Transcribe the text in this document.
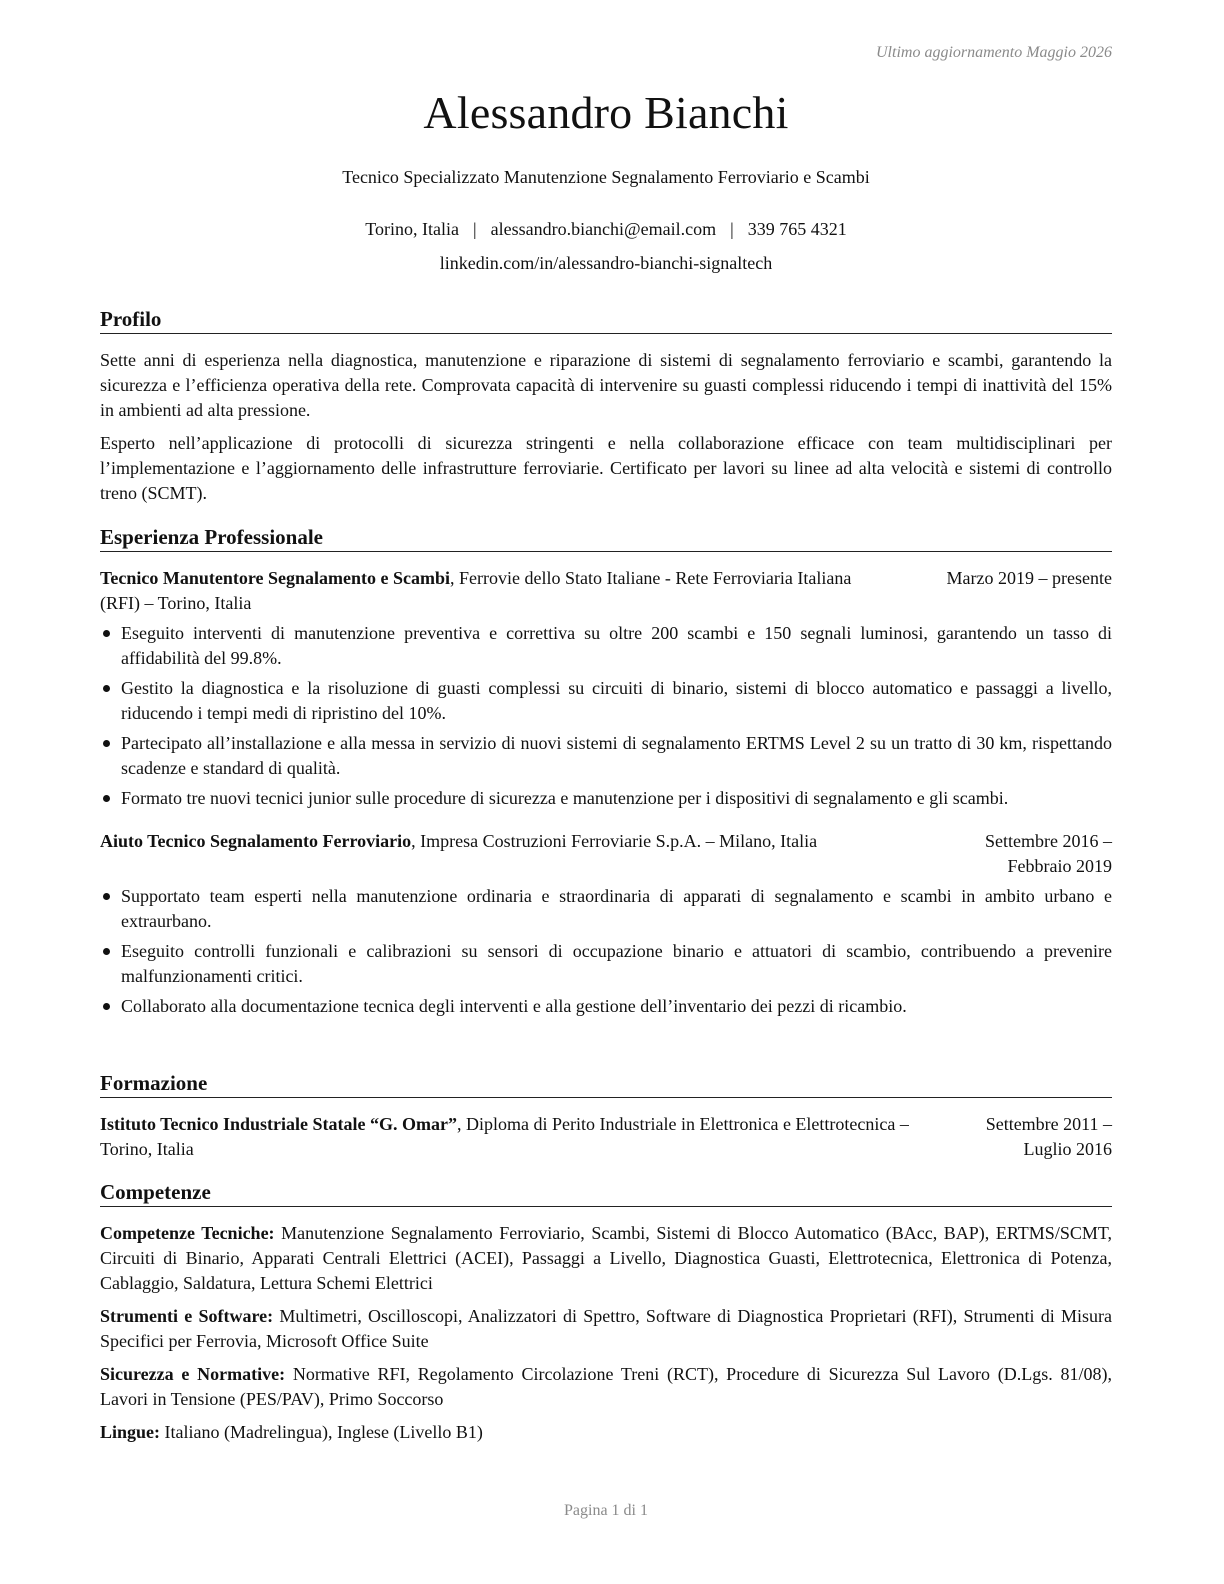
Ultimo aggiornamento Maggio 2026
Alessandro Bianchi
Tecnico Specializzato Manutenzione Segnalamento Ferroviario e Scambi
Torino, Italia | alessandro.bianchi@email.com | 339 765 4321
linkedin.com/in/alessandro-bianchi-signaltech
Profilo

Sette anni di esperienza nella diagnostica, manutenzione e riparazione di sistemi di segnalamento ferroviario e scambi, garantendo la sicurezza e l’efficienza operativa della rete. Comprovata capacità di intervenire su guasti complessi riducendo i tempi di inattività del 15% in ambienti ad alta pressione.

Esperto nell’applicazione di protocolli di sicurezza stringenti e nella collaborazione efficace con team multidisciplinari per l’implementazione e l’aggiornamento delle infrastrutture ferroviarie. Certificato per lavori su linee ad alta velocità e sistemi di controllo treno (SCMT).

Esperienza Professionale
Tecnico Manutentore Segnalamento e Scambi, Ferrovie dello Stato Italiane - Rete Ferroviaria Italiana (RFI) – Torino, Italia
Marzo 2019 – presente
Eseguito interventi di manutenzione preventiva e correttiva su oltre 200 scambi e 150 segnali luminosi, garantendo un tasso di affidabilità del 99.8%.
Gestito la diagnostica e la risoluzione di guasti complessi su circuiti di binario, sistemi di blocco automatico e passaggi a livello, riducendo i tempi medi di ripristino del 10%.
Partecipato all’installazione e alla messa in servizio di nuovi sistemi di segnalamento ERTMS Level 2 su un tratto di 30 km, rispettando scadenze e standard di qualità.
Formato tre nuovi tecnici junior sulle procedure di sicurezza e manutenzione per i dispositivi di segnalamento e gli scambi.
Aiuto Tecnico Segnalamento Ferroviario, Impresa Costruzioni Ferroviarie S.p.A. – Milano, Italia	Settembre 2016 – Febbraio 2019
Supportato team esperti nella manutenzione ordinaria e straordinaria di apparati di segnalamento e scambi in ambito urbano e extraurbano.
Eseguito controlli funzionali e calibrazioni su sensori di occupazione binario e attuatori di scambio, contribuendo a prevenire malfunzionamenti critici.
Collaborato alla documentazione tecnica degli interventi e alla gestione dell’inventario dei pezzi di ricambio.
Formazione
Istituto Tecnico Industriale Statale “G. Omar”, Diploma di Perito Industriale in Elettronica e Elettrotecnica – Torino, Italia
Settembre 2011 – Luglio 2016
Competenze

Competenze Tecniche: Manutenzione Segnalamento Ferroviario, Scambi, Sistemi di Blocco Automatico (BAcc, BAP), ERTMS/SCMT, Circuiti di Binario, Apparati Centrali Elettrici (ACEI), Passaggi a Livello, Diagnostica Guasti, Elettrotecnica, Elettronica di Potenza, Cablaggio, Saldatura, Lettura Schemi Elettrici

Strumenti e Software: Multimetri, Oscilloscopi, Analizzatori di Spettro, Software di Diagnostica Proprietari (RFI), Strumenti di Misura Specifici per Ferrovia, Microsoft Office Suite

Sicurezza e Normative: Normative RFI, Regolamento Circolazione Treni (RCT), Procedure di Sicurezza Sul Lavoro (D.Lgs. 81/08), Lavori in Tensione (PES/PAV), Primo Soccorso

Lingue: Italiano (Madrelingua), Inglese (Livello B1)

Pagina 1 di 1
